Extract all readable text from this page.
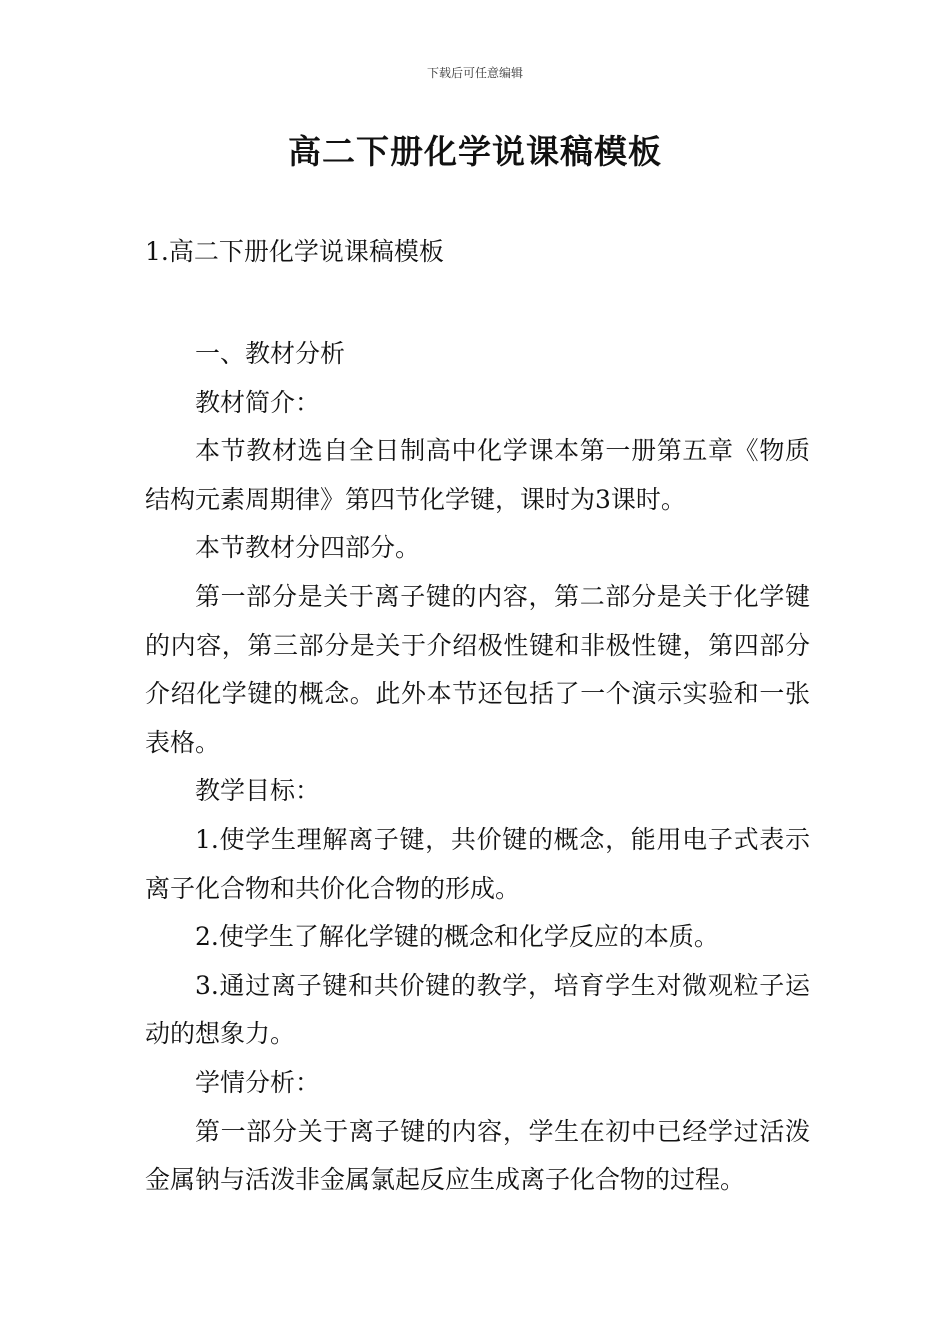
下载后可任意编辑
高二下册化学说课稿模板
1.高二下册化学说课稿模板

一、教材分析

教材简介：

本节教材选自全日制高中化学课本第一册第五章《物质结构元素周期律》第四节化学键，课时为3课时。

本节教材分四部分。

第一部分是关于离子键的内容，第二部分是关于化学键的内容，第三部分是关于介绍极性键和非极性键，第四部分介绍化学键的概念。此外本节还包括了一个演示实验和一张表格。

教学目标：

1.使学生理解离子键，共价键的概念，能用电子式表示离子化合物和共价化合物的形成。

2.使学生了解化学键的概念和化学反应的本质。

3.通过离子键和共价键的教学，培育学生对微观粒子运动的想象力。

学情分析：

第一部分关于离子键的内容，学生在初中已经学过活泼金属钠与活泼非金属氯起反应生成离子化合物的过程。
